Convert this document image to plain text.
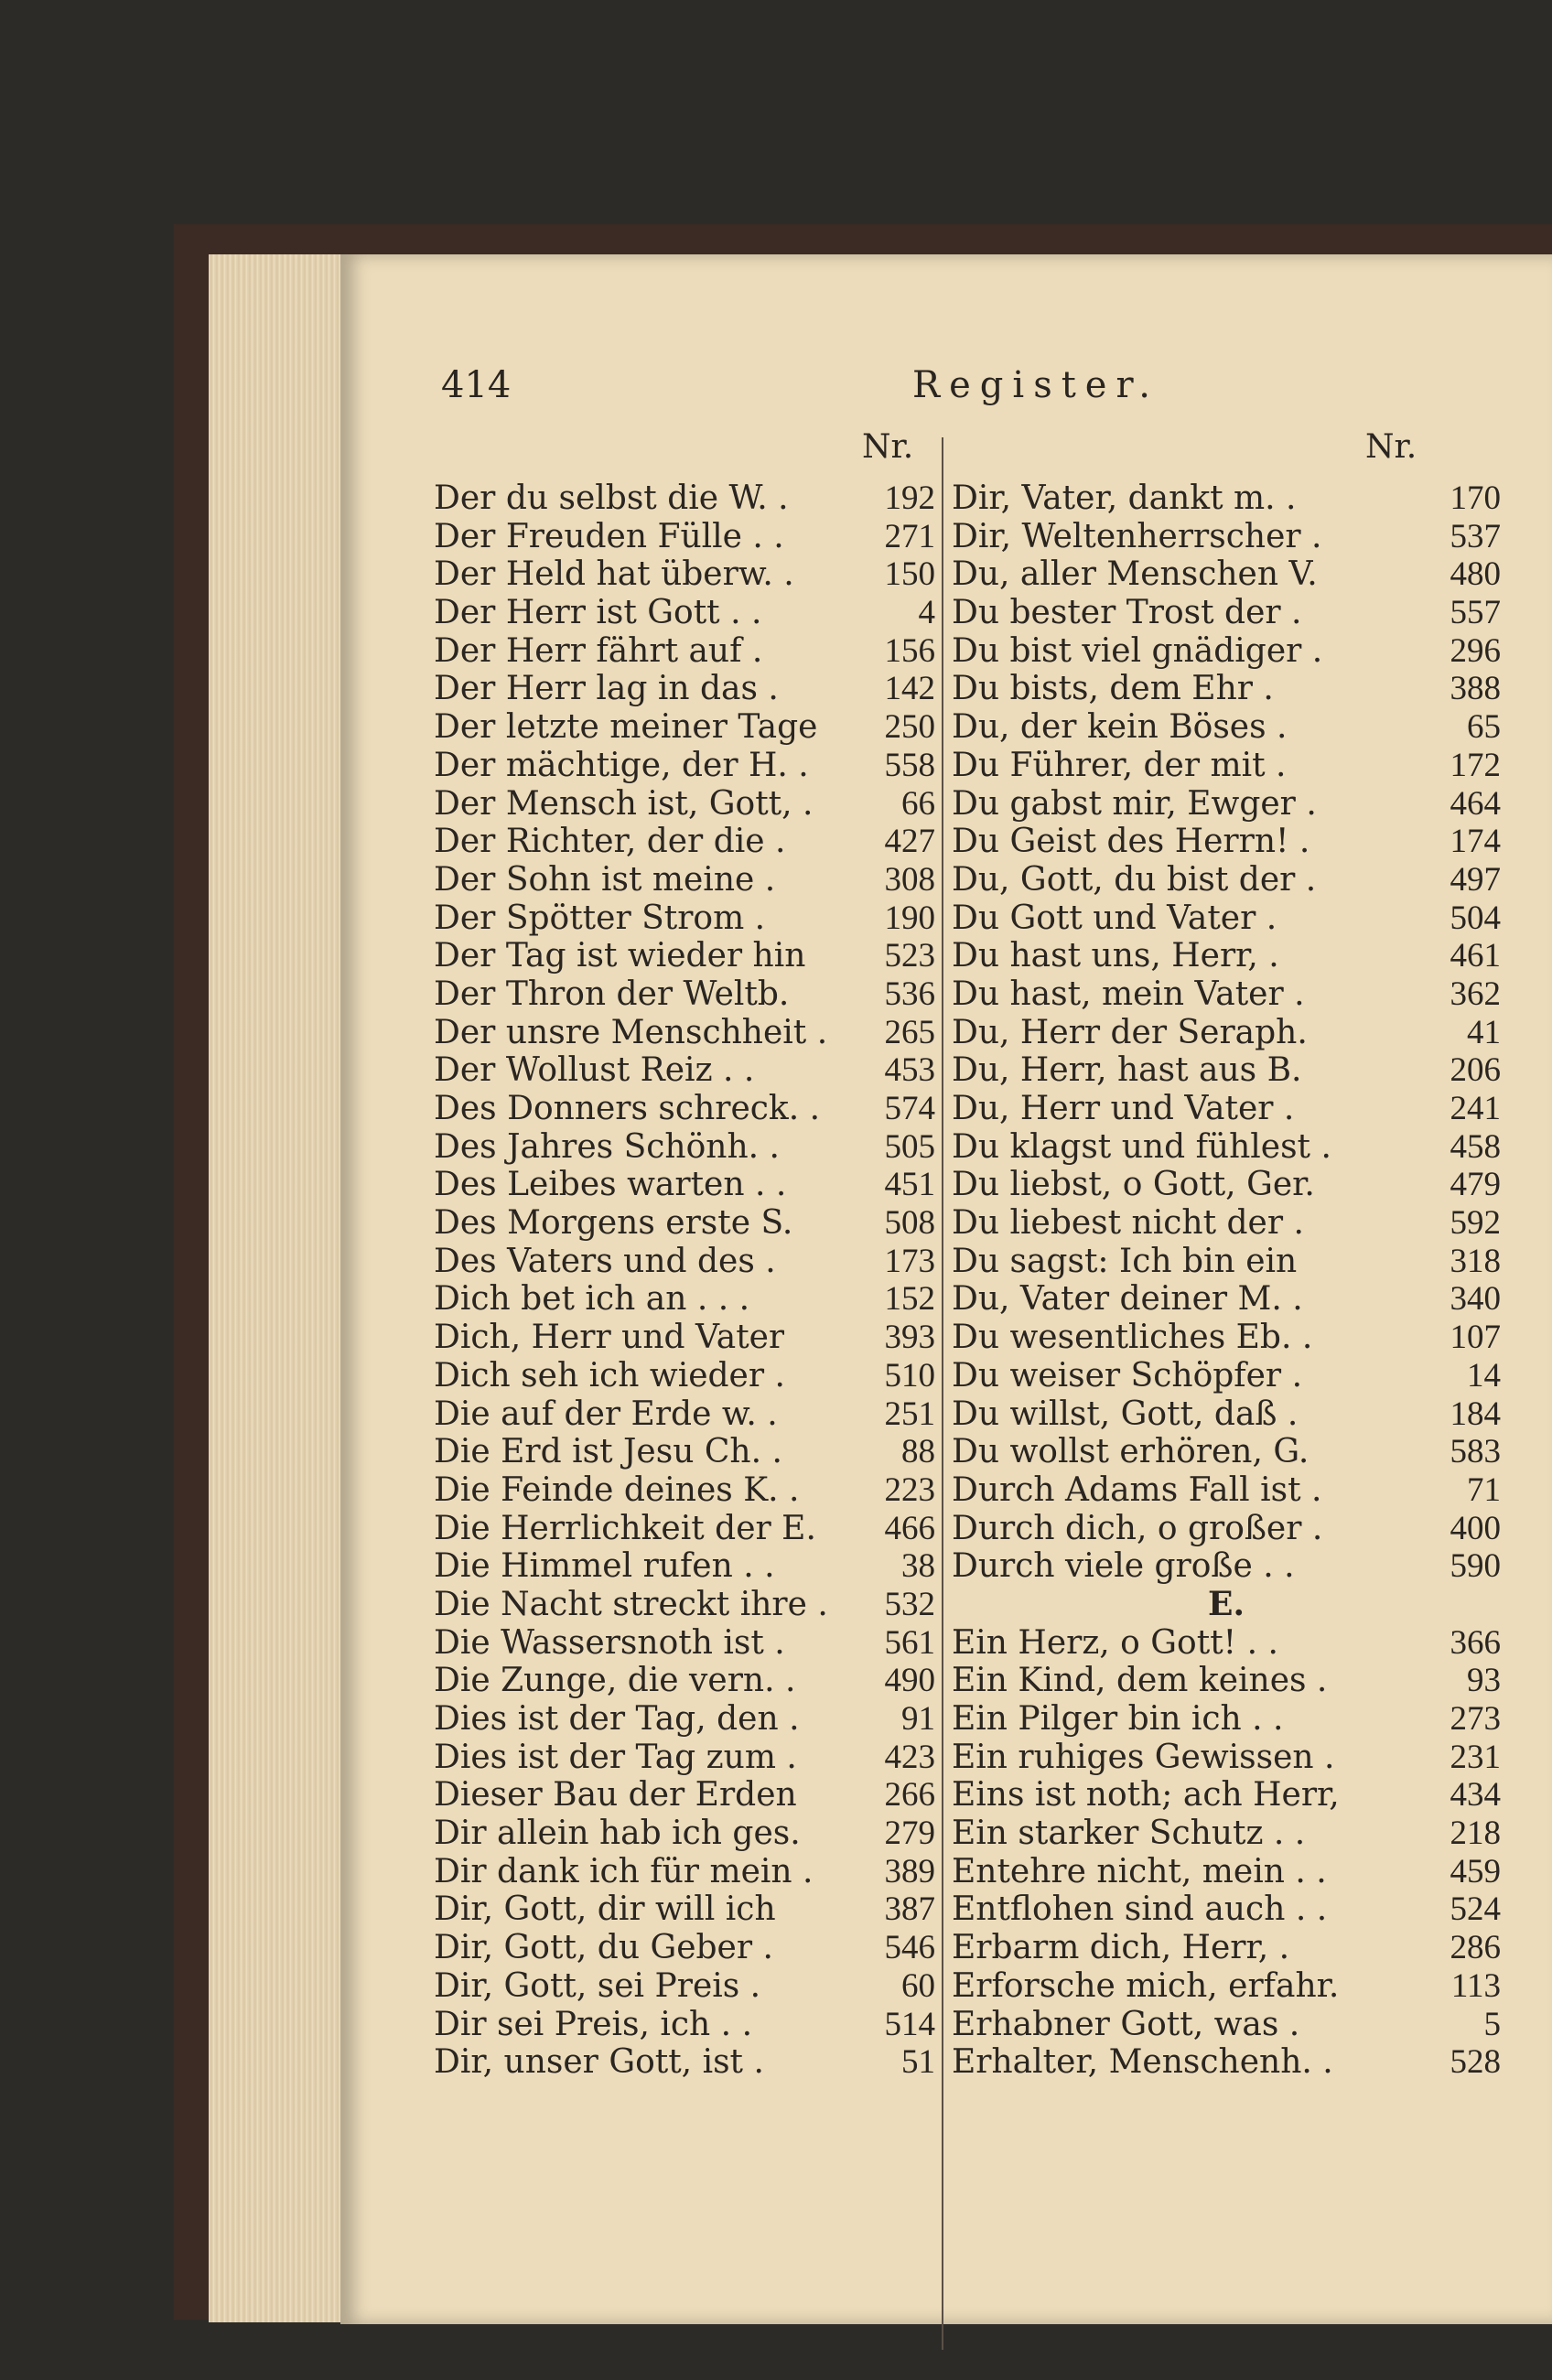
414	Register.
Nr.	Nr.
Der du selbst die W. .	192
Der Freuden Fülle . .	271
Der Held hat überw. .	150
Der Herr ist Gott . .	4
Der Herr fährt auf .	156
Der Herr lag in das .	142
Der letzte meiner Tage	250
Der mächtige, der H. .	558
Der Mensch ist, Gott, .	66
Der Richter, der die .	427
Der Sohn ist meine .	308
Der Spötter Strom .	190
Der Tag ist wieder hin	523
Der Thron der Weltb.	536
Der unsre Menschheit .	265
Der Wollust Reiz . .	453
Des Donners schreck. .	574
Des Jahres Schönh. .	505
Des Leibes warten . .	451
Des Morgens erste S.	508
Des Vaters und des .	173
Dich bet ich an . . .	152
Dich, Herr und Vater	393
Dich seh ich wieder .	510
Die auf der Erde w. .	251
Die Erd ist Jesu Ch. .	88
Die Feinde deines K. .	223
Die Herrlichkeit der E.	466
Die Himmel rufen . .	38
Die Nacht streckt ihre .	532
Die Wassersnoth ist .	561
Die Zunge, die vern. .	490
Dies ist der Tag, den .	91
Dies ist der Tag zum .	423
Dieser Bau der Erden	266
Dir allein hab ich ges.	279
Dir dank ich für mein .	389
Dir, Gott, dir will ich	387
Dir, Gott, du Geber .	546
Dir, Gott, sei Preis .	60
Dir sei Preis, ich . .	514
Dir, unser Gott, ist .	51
Dir, Vater, dankt m. .	170
Dir, Weltenherrscher .	537
Du, aller Menschen V.	480
Du bester Trost der .	557
Du bist viel gnädiger .	296
Du bists, dem Ehr .	388
Du, der kein Böses .	65
Du Führer, der mit .	172
Du gabst mir, Ewger .	464
Du Geist des Herrn! .	174
Du, Gott, du bist der .	497
Du Gott und Vater .	504
Du hast uns, Herr, .	461
Du hast, mein Vater .	362
Du, Herr der Seraph.	41
Du, Herr, hast aus B.	206
Du, Herr und Vater .	241
Du klagst und fühlest .	458
Du liebst, o Gott, Ger.	479
Du liebest nicht der .	592
Du sagst: Ich bin ein	318
Du, Vater deiner M. .	340
Du wesentliches Eb. .	107
Du weiser Schöpfer .	14
Du willst, Gott, daß .	184
Du wollst erhören, G.	583
Durch Adams Fall ist .	71
Durch dich, o großer .	400
Durch viele große . .	590
E.
Ein Herz, o Gott! . .	366
Ein Kind, dem keines .	93
Ein Pilger bin ich . .	273
Ein ruhiges Gewissen .	231
Eins ist noth; ach Herr,	434
Ein starker Schutz . .	218
Entehre nicht, mein . .	459
Entflohen sind auch . .	524
Erbarm dich, Herr, .	286
Erforsche mich, erfahr.	113
Erhabner Gott, was .	5
Erhalter, Menschenh. .	528
